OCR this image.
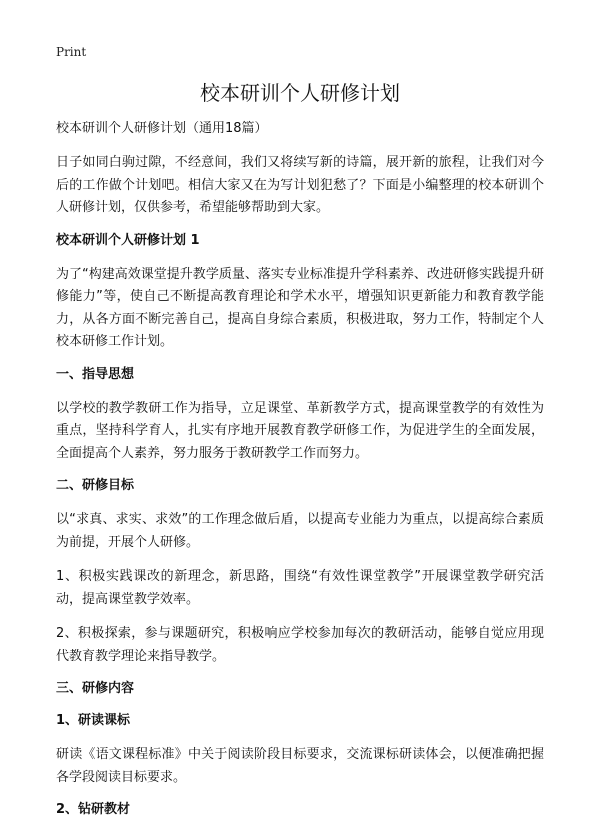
Print
校本研训个人研修计划
校本研训个人研修计划（通用18篇）

日子如同白驹过隙，不经意间，我们又将续写新的诗篇，展开新的旅程，让我们对今后的工作做个计划吧。相信大家又在为写计划犯愁了？下面是小编整理的校本研训个人研修计划，仅供参考，希望能够帮助到大家。

校本研训个人研修计划 1

为了“构建高效课堂提升教学质量、落实专业标准提升学科素养、改进研修实践提升研修能力”等，使自己不断提高教育理论和学术水平，增强知识更新能力和教育教学能力，从各方面不断完善自己，提高自身综合素质，积极进取，努力工作，特制定个人校本研修工作计划。

一、指导思想

以学校的教学教研工作为指导，立足课堂、革新教学方式，提高课堂教学的有效性为重点，坚持科学育人，扎实有序地开展教育教学研修工作，为促进学生的全面发展，全面提高个人素养，努力服务于教研教学工作而努力。

二、研修目标

以“求真、求实、求效”的工作理念做后盾，以提高专业能力为重点，以提高综合素质为前提，开展个人研修。

1、积极实践课改的新理念，新思路，围绕“有效性课堂教学”开展课堂教学研究活动，提高课堂教学效率。

2、积极探索，参与课题研究，积极响应学校参加每次的教研活动，能够自觉应用现代教育教学理论来指导教学。

三、研修内容
1、研读课标

研读《语文课程标准》中关于阅读阶段目标要求，交流课标研读体会，以便准确把握各学段阅读目标要求。

2、钻研教材
